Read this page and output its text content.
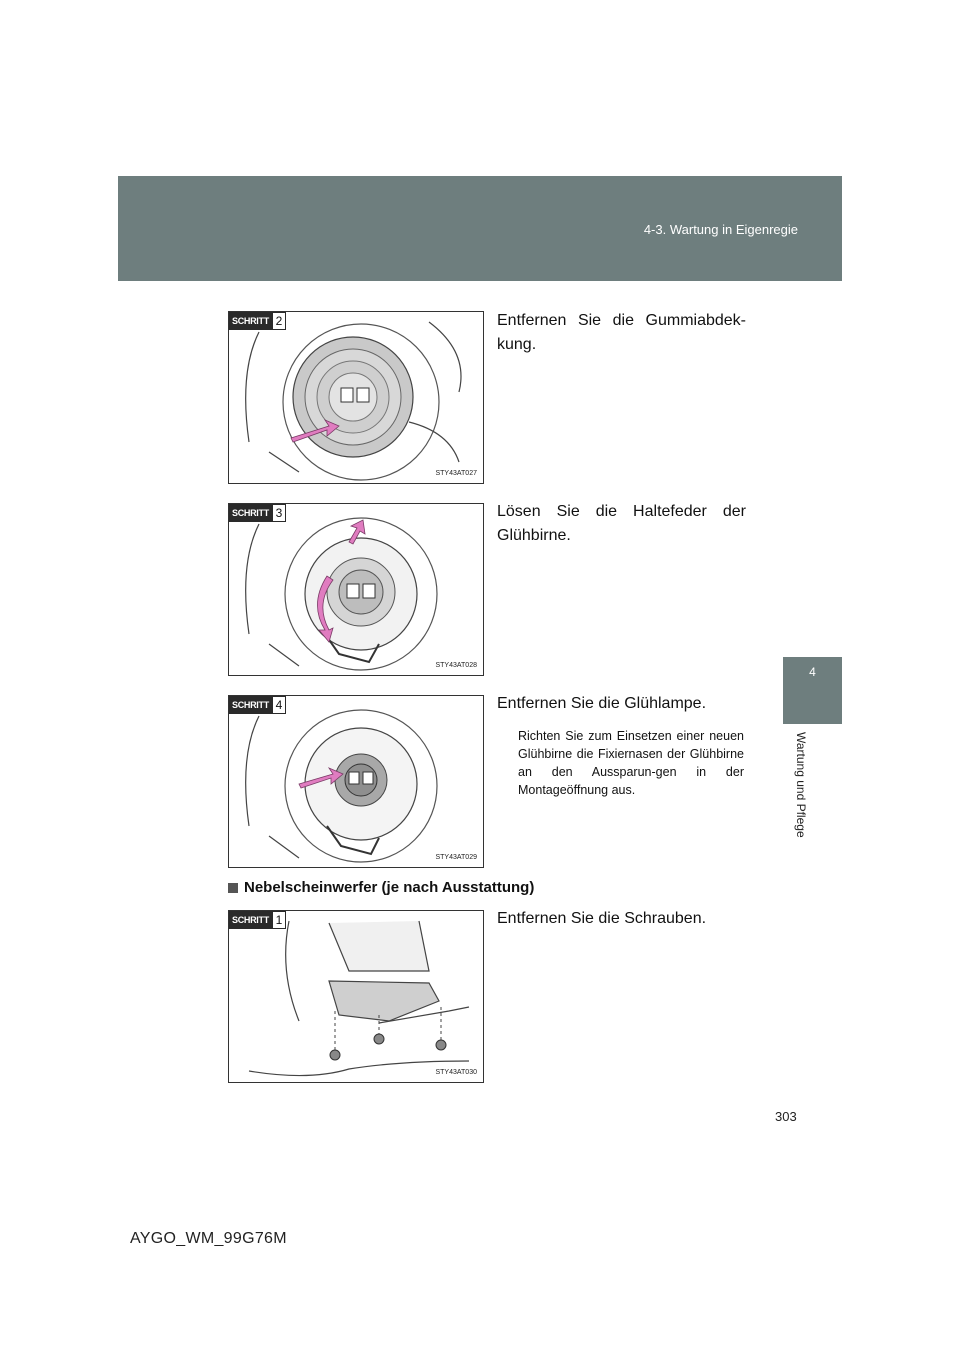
4-3. Wartung in Eigenregie
4
Wartung und Pflege
SCHRITT 2
STY43AT027
Entfernen Sie die Gummiabdek-kung.
SCHRITT 3
STY43AT028
Lösen Sie die Haltefeder der Glühbirne.
SCHRITT 4
STY43AT029
Entfernen Sie die Glühlampe.
Richten Sie zum Einsetzen einer neuen Glühbirne die Fixiernasen der Glühbirne an den Aussparun-gen in der Montageöffnung aus.
Nebelscheinwerfer (je nach Ausstattung)
SCHRITT 1
STY43AT030
Entfernen Sie die Schrauben.
303
AYGO_WM_99G76M
